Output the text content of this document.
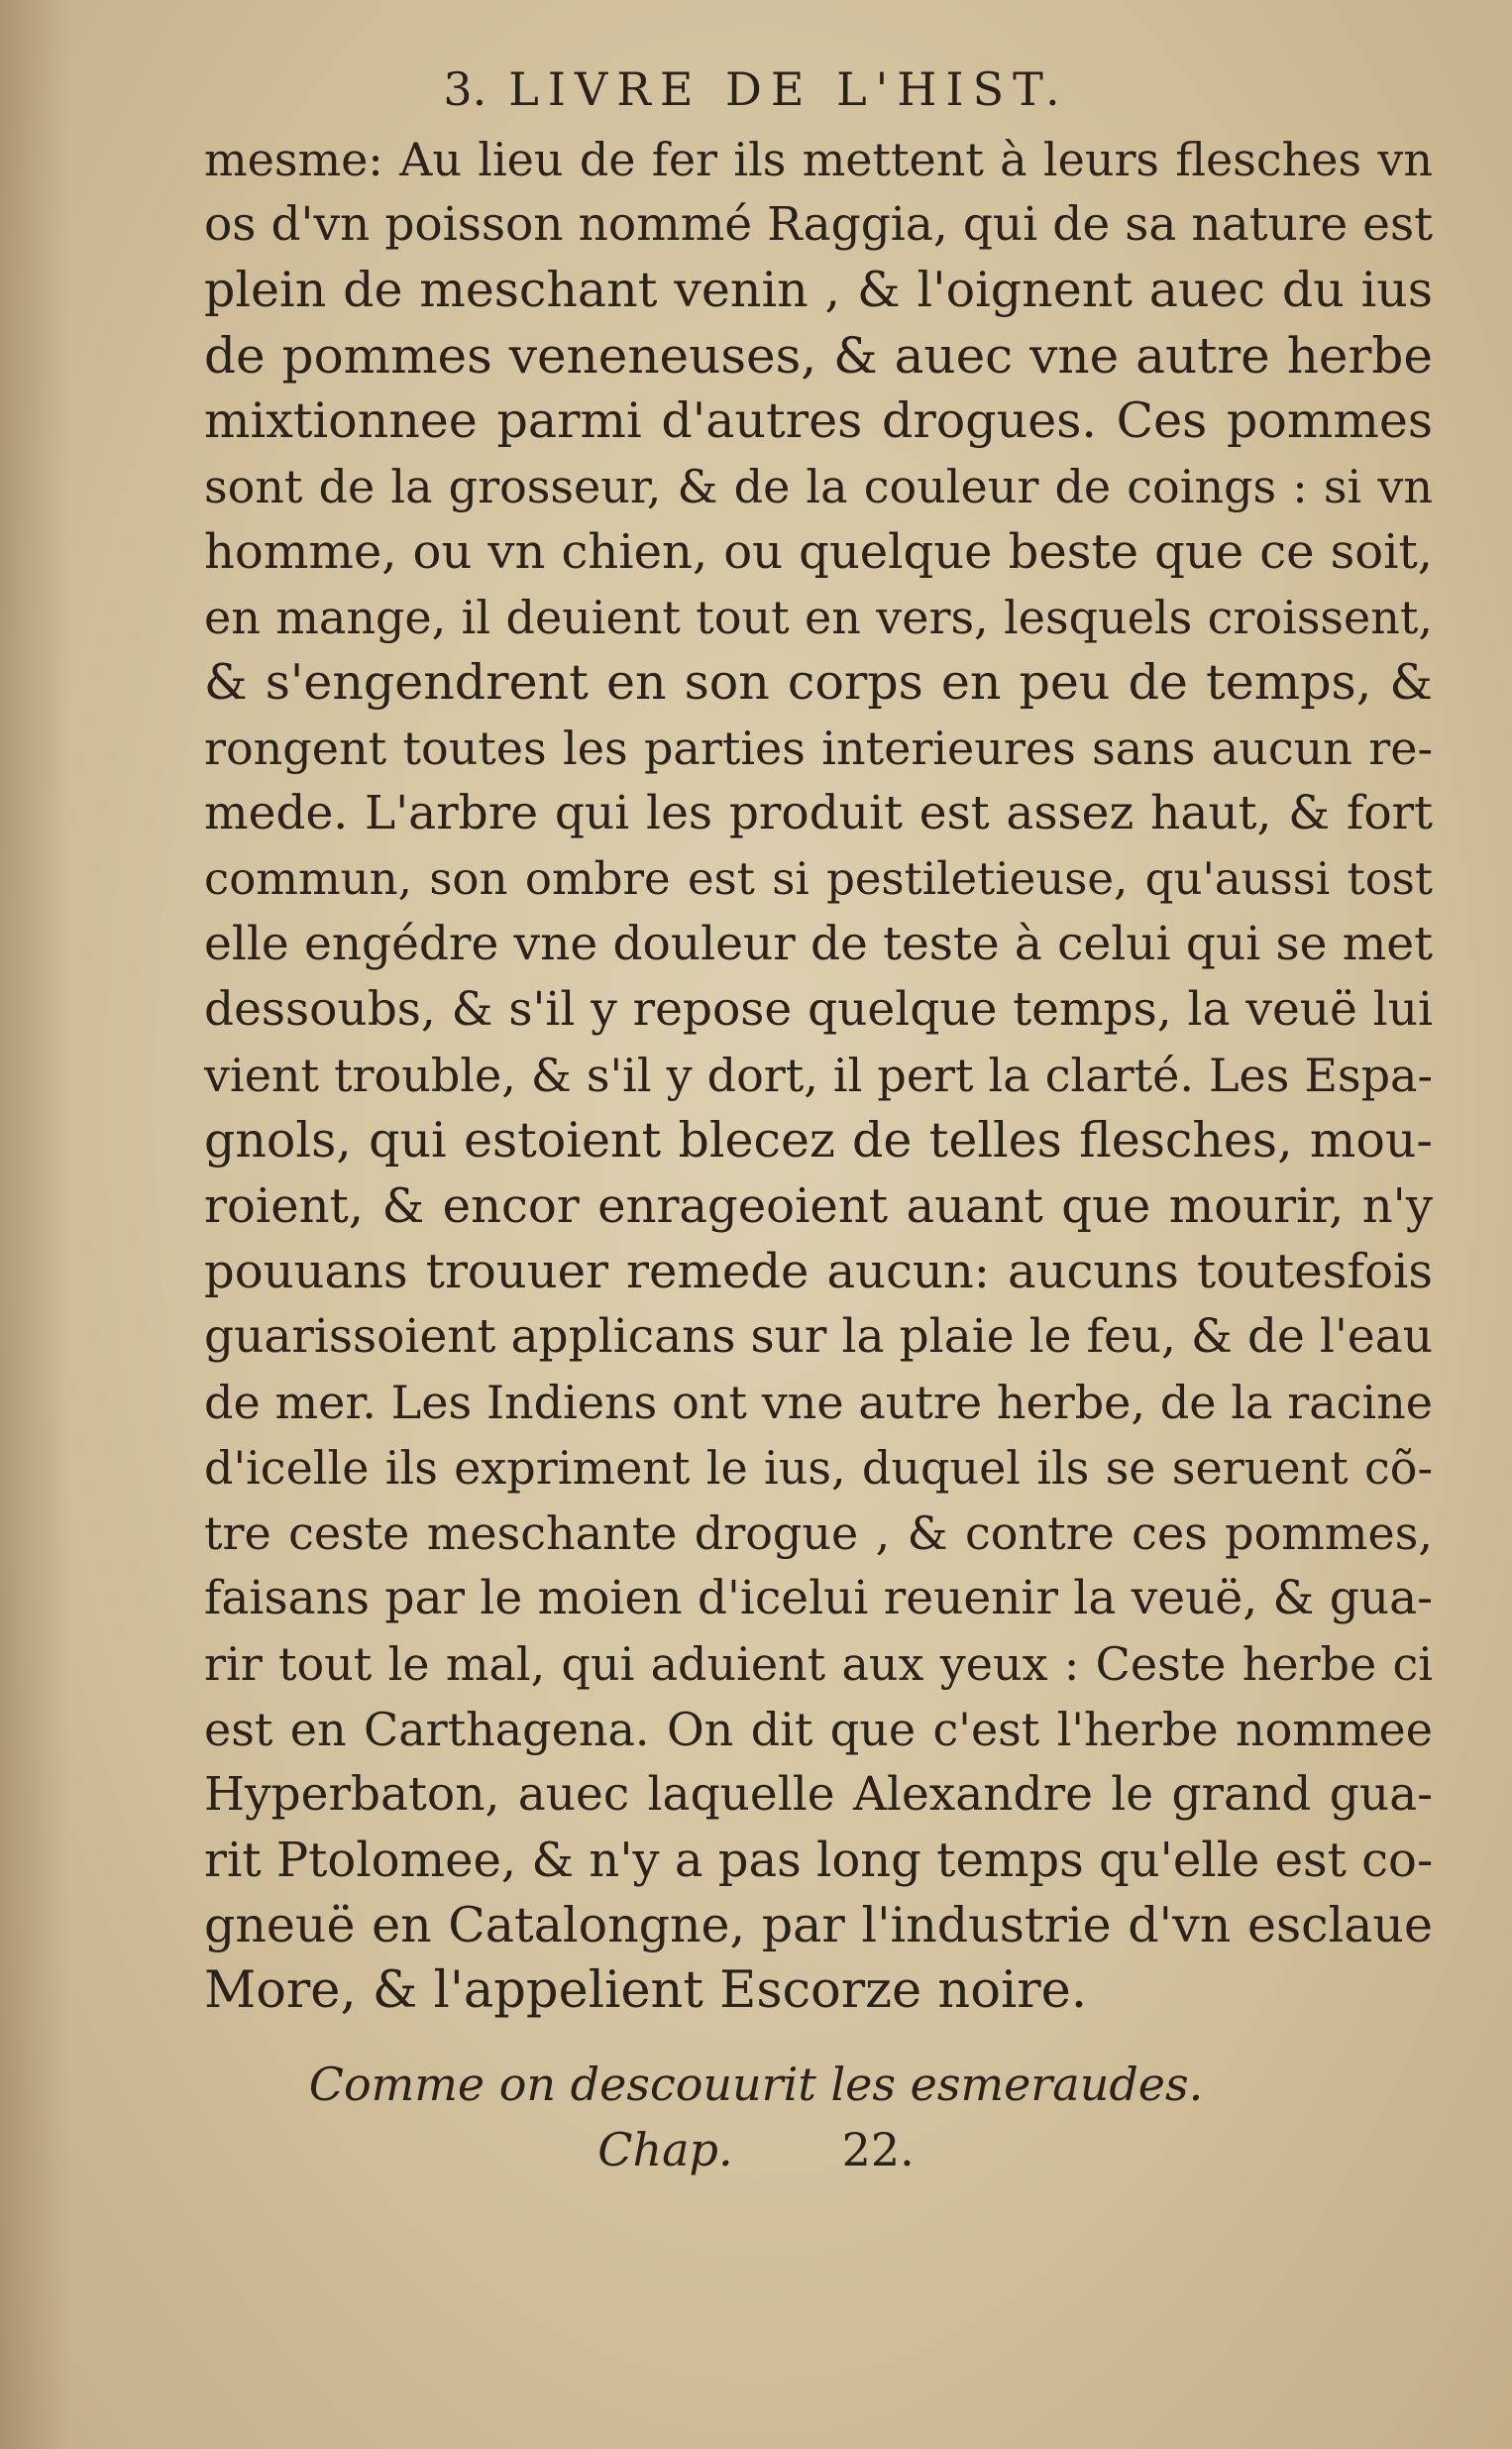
3. LIVRE DE L'HIST.
mesme: Au lieu de fer ils mettent à leurs flesches vn
os d'vn poisson nommé Raggia, qui de sa nature est
plein de meschant venin , & l'oignent auec du ius
de pommes veneneuses, & auec vne autre herbe
mixtionnee parmi d'autres drogues. Ces pommes
sont de la grosseur, & de la couleur de coings : si vn
homme, ou vn chien, ou quelque beste que ce soit,
en mange, il deuient tout en vers, lesquels croissent,
& s'engendrent en son corps en peu de temps, &
rongent toutes les parties interieures sans aucun re-
mede. L'arbre qui les produit est assez haut, & fort
commun, son ombre est si pestiletieuse, qu'aussi tost
elle engédre vne douleur de teste à celui qui se met
dessoubs, & s'il y repose quelque temps, la veuë lui
vient trouble, & s'il y dort, il pert la clarté. Les Espa-
gnols, qui estoient bleсez de telles flesches, mou-
roient, & encor enrageoient auant que mourir, n'y
pouuans trouuer remede aucun: aucuns toutesfois
guarissoient applicans sur la plaie le feu, & de l'eau
de mer. Les Indiens ont vne autre herbe, de la racine
d'icelle ils expriment le ius, duquel ils se seruent cõ-
tre ceste meschante drogue , & contre ces pommes,
faisans par le moien d'icelui reuenir la veuë, & gua-
rir tout le mal, qui aduient aux yeux : Ceste herbe ci
est en Carthagena. On dit que c'est l'herbe nommee
Hyperbaton, auec laquelle Alexandre le grand gua-
rit Ptolomee, & n'y a pas long temps qu'elle est co-
gneuë en Catalongne, par l'industrie d'vn esclaue
More, & l'appelient Escorze noire.
Comme on descouurit les esmeraudes.
Chap. 22.
